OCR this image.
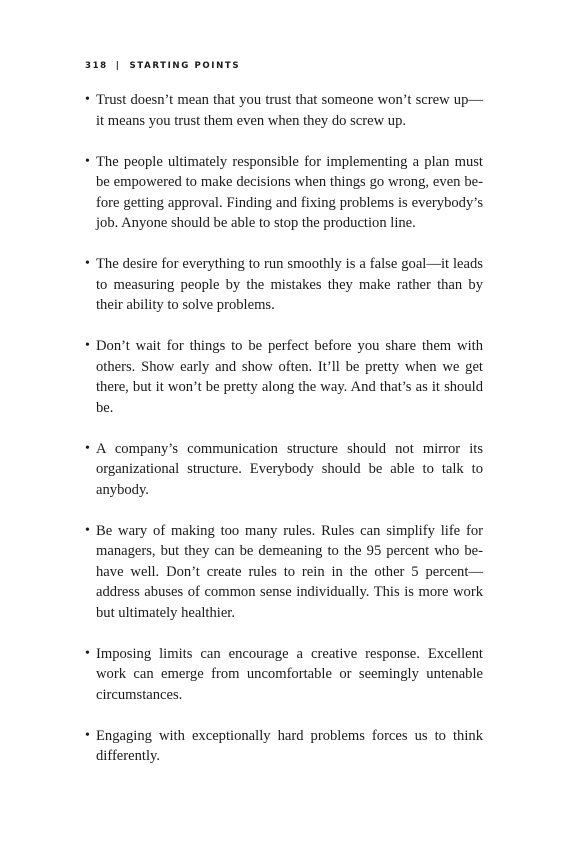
318 | STARTING POINTS
• Trust doesn’t mean that you trust that someone won’t screw up—it means you trust them even when they do screw up.
• The people ultimately responsible for implementing a plan must be empowered to make decisions when things go wrong, even be-fore getting approval. Finding and fixing problems is everybody’s job. Anyone should be able to stop the production line.
• The desire for everything to run smoothly is a false goal—it leads to measuring people by the mistakes they make rather than by their ability to solve problems.
• Don’t wait for things to be perfect before you share them with others. Show early and show often. It’ll be pretty when we get there, but it won’t be pretty along the way. And that’s as it should be.
• A company’s communication structure should not mirror its organizational structure. Everybody should be able to talk to anybody.
• Be wary of making too many rules. Rules can simplify life for managers, but they can be demeaning to the 95 percent who be-have well. Don’t create rules to rein in the other 5 percent—address abuses of common sense individually. This is more work but ultimately healthier.
• Imposing limits can encourage a creative response. Excellent work can emerge from uncomfortable or seemingly untenable circumstances.
• Engaging with exceptionally hard problems forces us to think differently.
